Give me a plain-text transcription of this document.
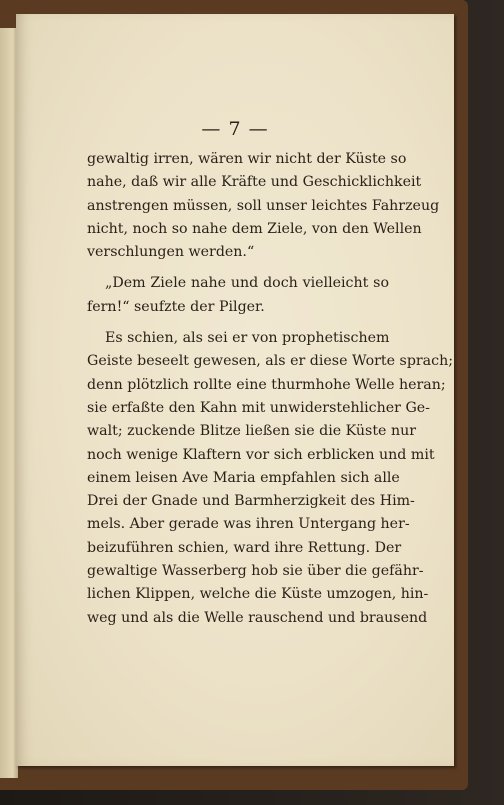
— 7 —
gewaltig irren, wären wir nicht der Küste so
nahe, daß wir alle Kräfte und Geschicklichkeit
anstrengen müssen, soll unser leichtes Fahrzeug
nicht, noch so nahe dem Ziele, von den Wellen
verschlungen werden.“
„Dem Ziele nahe und doch vielleicht so
fern!“ seufzte der Pilger.
Es schien, als sei er von prophetischem
Geiste beseelt gewesen, als er diese Worte sprach;
denn plötzlich rollte eine thurmhohe Welle heran;
sie erfaßte den Kahn mit unwiderstehlicher Ge-
walt; zuckende Blitze ließen sie die Küste nur
noch wenige Klaftern vor sich erblicken und mit
einem leisen Ave Maria empfahlen sich alle
Drei der Gnade und Barmherzigkeit des Him-
mels. Aber gerade was ihren Untergang her-
beizuführen schien, ward ihre Rettung. Der
gewaltige Wasserberg hob sie über die gefähr-
lichen Klippen, welche die Küste umzogen, hin-
weg und als die Welle rauschend und brausend
